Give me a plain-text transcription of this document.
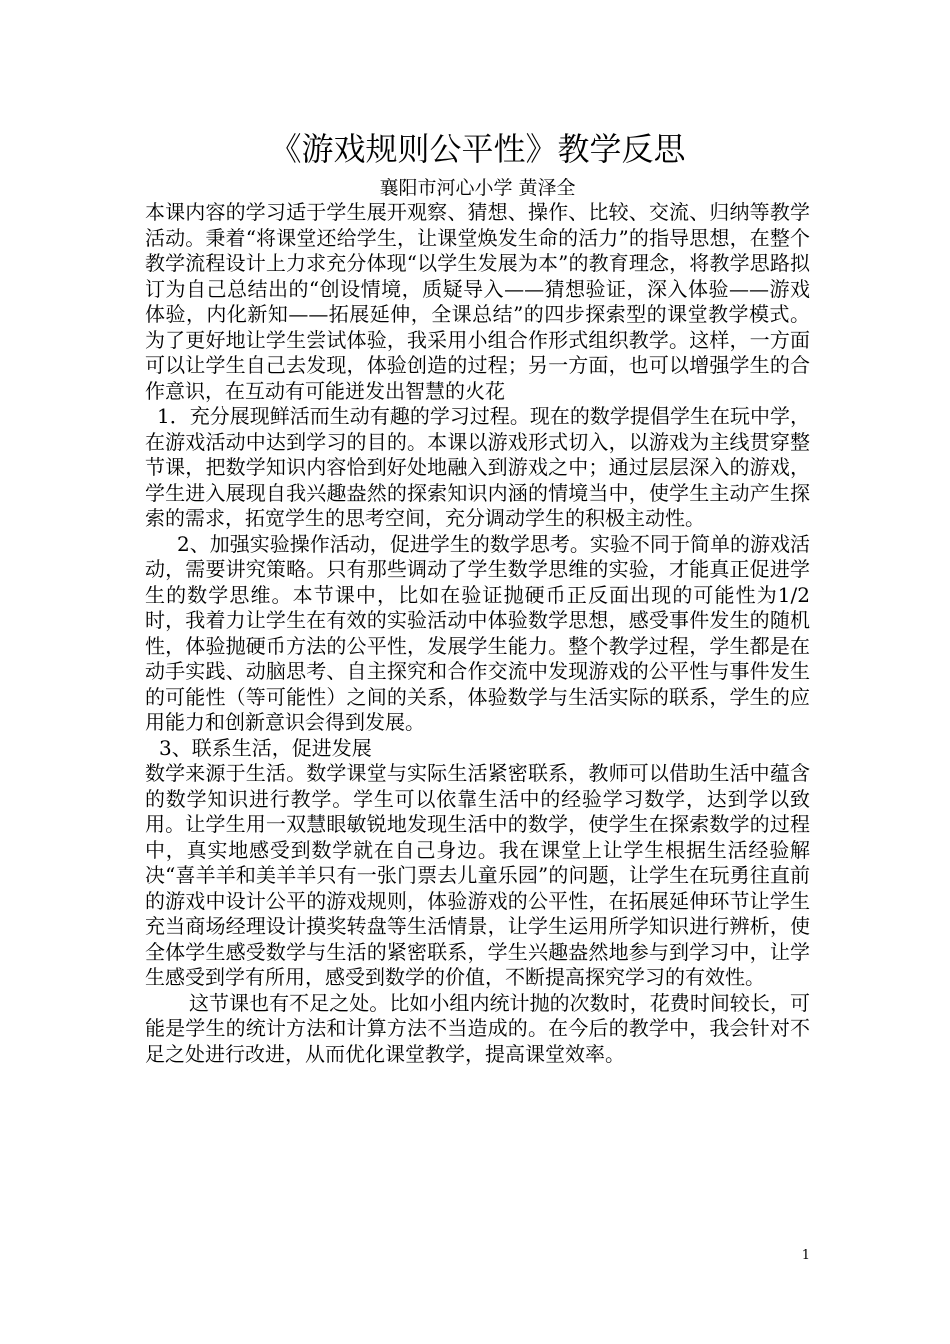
《游戏规则公平性》教学反思
襄阳市河心小学 黄泽全

本课内容的学习适于学生展开观察、猜想、操作、比较、交流、归纳等教学活动。秉着“将课堂还给学生，让课堂焕发生命的活力”的指导思想，在整个教学流程设计上力求充分体现“以学生发展为本”的教育理念，将教学思路拟订为自己总结出的“创设情境，质疑导入——猜想验证，深入体验——游戏体验，内化新知——拓展延伸，全课总结”的四步探索型的课堂教学模式。为了更好地让学生尝试体验，我采用小组合作形式组织教学。这样，一方面可以让学生自己去发现，体验创造的过程；另一方面，也可以增强学生的合作意识，在互动有可能迸发出智慧的火花

1．充分展现鲜活而生动有趣的学习过程。现在的数学提倡学生在玩中学，在游戏活动中达到学习的目的。本课以游戏形式切入，以游戏为主线贯穿整节课，把数学知识内容恰到好处地融入到游戏之中；通过层层深入的游戏，学生进入展现自我兴趣盎然的探索知识内涵的情境当中，使学生主动产生探索的需求，拓宽学生的思考空间，充分调动学生的积极主动性。

2、加强实验操作活动，促进学生的数学思考。实验不同于简单的游戏活动，需要讲究策略。只有那些调动了学生数学思维的实验，才能真正促进学生的数学思维。本节课中，比如在验证抛硬币正反面出现的可能性为1/2时，我着力让学生在有效的实验活动中体验数学思想，感受事件发生的随机性，体验抛硬币方法的公平性，发展学生能力。整个教学过程，学生都是在动手实践、动脑思考、自主探究和合作交流中发现游戏的公平性与事件发生的可能性（等可能性）之间的关系，体验数学与生活实际的联系，学生的应用能力和创新意识会得到发展。

3、联系生活，促进发展

数学来源于生活。数学课堂与实际生活紧密联系，教师可以借助生活中蕴含的数学知识进行教学。学生可以依靠生活中的经验学习数学，达到学以致用。让学生用一双慧眼敏锐地发现生活中的数学，使学生在探索数学的过程中，真实地感受到数学就在自己身边。我在课堂上让学生根据生活经验解决“喜羊羊和美羊羊只有一张门票去儿童乐园”的问题，让学生在玩勇往直前的游戏中设计公平的游戏规则，体验游戏的公平性，在拓展延伸环节让学生充当商场经理设计摸奖转盘等生活情景，让学生运用所学知识进行辨析，使全体学生感受数学与生活的紧密联系，学生兴趣盎然地参与到学习中，让学生感受到学有所用，感受到数学的价值，不断提高探究学习的有效性。

这节课也有不足之处。比如小组内统计抛的次数时，花费时间较长，可能是学生的统计方法和计算方法不当造成的。在今后的教学中，我会针对不足之处进行改进，从而优化课堂教学，提高课堂效率。

1
